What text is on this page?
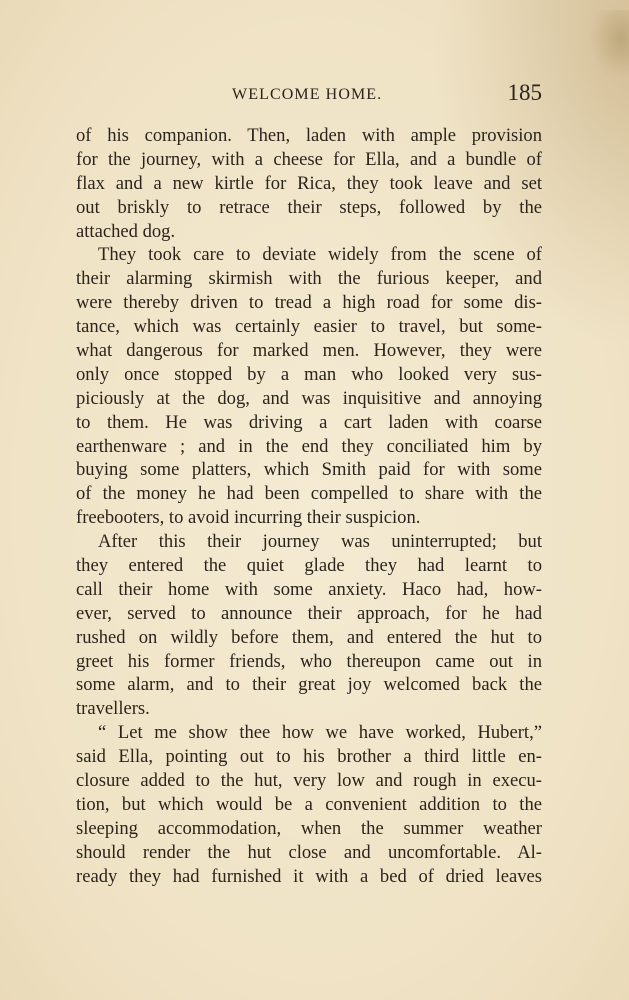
WELCOME HOME.	185
of his companion. Then, laden with ample provision
for the journey, with a cheese for Ella, and a bundle of
flax and a new kirtle for Rica, they took leave and set
out briskly to retrace their steps, followed by the
attached dog.
They took care to deviate widely from the scene of
their alarming skirmish with the furious keeper, and
were thereby driven to tread a high road for some dis-
tance, which was certainly easier to travel, but some-
what dangerous for marked men. However, they were
only once stopped by a man who looked very sus-
piciously at the dog, and was inquisitive and annoying
to them. He was driving a cart laden with coarse
earthenware ; and in the end they conciliated him by
buying some platters, which Smith paid for with some
of the money he had been compelled to share with the
freebooters, to avoid incurring their suspicion.
After this their journey was uninterrupted; but
they entered the quiet glade they had learnt to
call their home with some anxiety. Haco had, how-
ever, served to announce their approach, for he had
rushed on wildly before them, and entered the hut to
greet his former friends, who thereupon came out in
some alarm, and to their great joy welcomed back the
travellers.
“ Let me show thee how we have worked, Hubert,”
said Ella, pointing out to his brother a third little en-
closure added to the hut, very low and rough in execu-
tion, but which would be a convenient addition to the
sleeping accommodation, when the summer weather
should render the hut close and uncomfortable. Al-
ready they had furnished it with a bed of dried leaves
